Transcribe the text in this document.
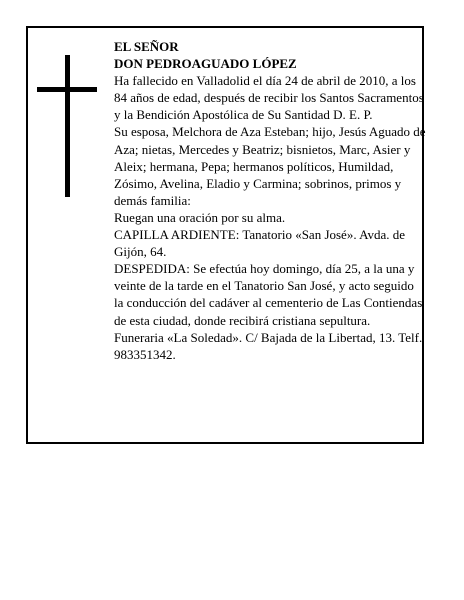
EL SEÑOR

DON PEDROAGUADO LÓPEZ

Ha fallecido en Valladolid el día 24 de abril de 2010, a los 84 años de edad, después de recibir los Santos Sacramentos y la Bendición Apostólica de Su Santidad D. E. P.

Su esposa, Melchora de Aza Esteban; hijo, Jesús Aguado de Aza; nietas, Mercedes y Beatriz; bisnietos, Marc, Asier y Aleix; hermana, Pepa; hermanos políticos, Humildad, Zósimo, Avelina, Eladio y Carmina; sobrinos, primos y demás familia:

Ruegan una oración por su alma.

CAPILLA ARDIENTE: Tanatorio «San José». Avda. de Gijón, 64.

DESPEDIDA: Se efectúa hoy domingo, día 25, a la una y veinte de la tarde en el Tanatorio San José, y acto seguido la conducción del cadáver al cementerio de Las Contiendas de esta ciudad, donde recibirá cristiana sepultura.

Funeraria «La Soledad». C/ Bajada de la Libertad, 13. Telf. 983351342.
